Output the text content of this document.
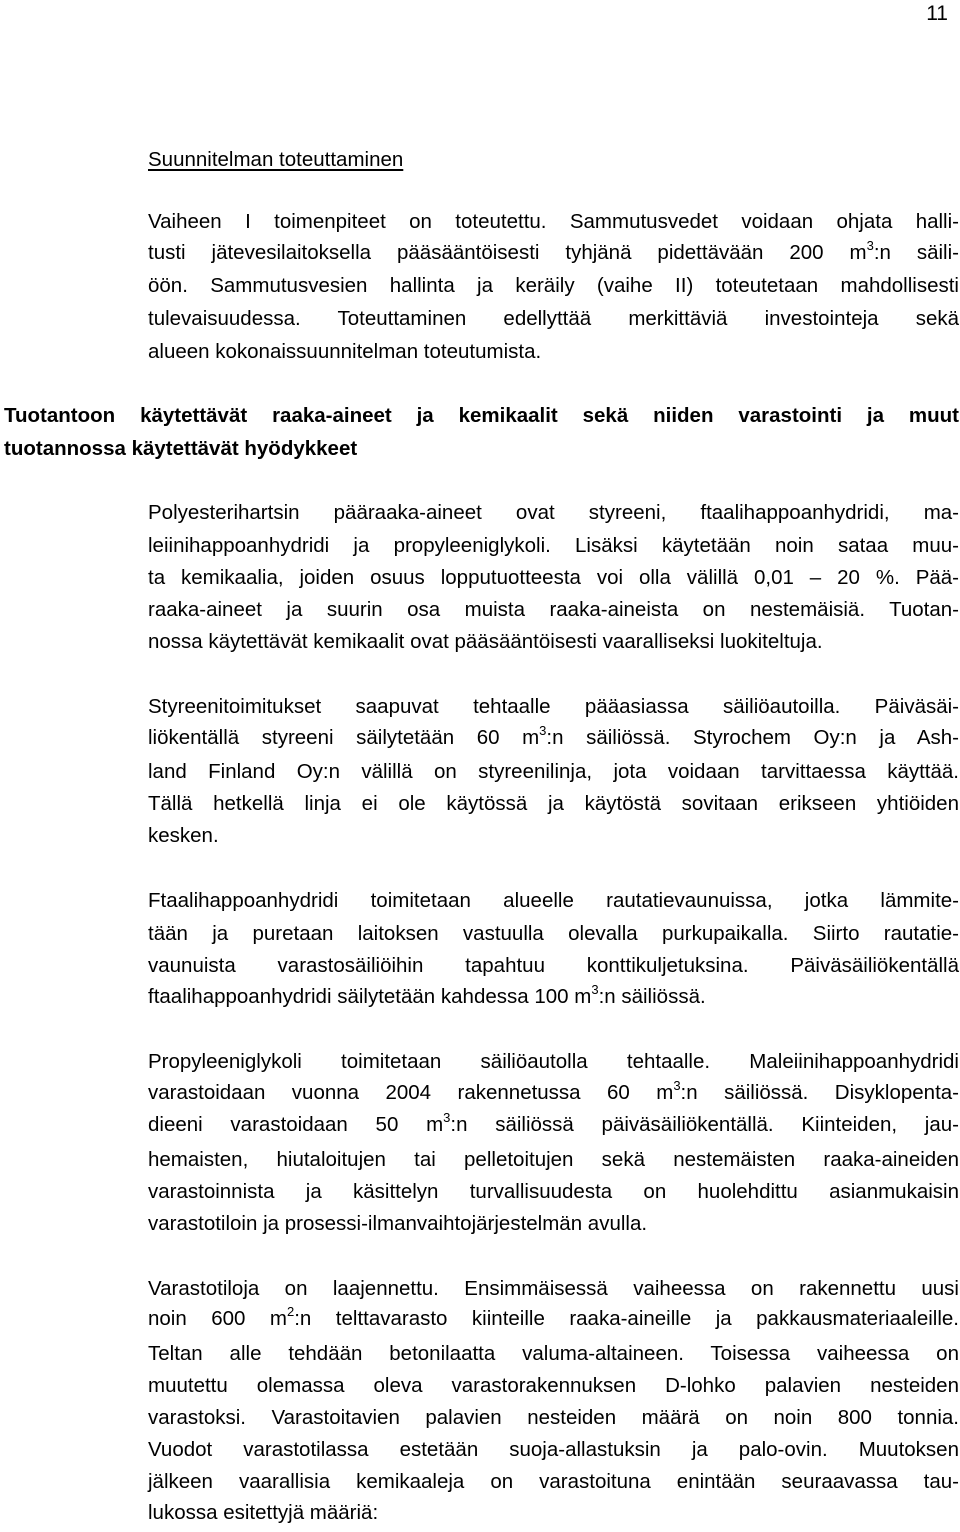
11
Suunnitelman toteuttaminen
Vaiheen I toimenpiteet on toteutettu. Sammutusvedet voidaan ohjata halli-
tusti jätevesilaitoksella pääsääntöisesti tyhjänä pidettävään 200 $m^3:n$ säili-
öön. Sammutusvesien hallinta ja keräily (vaihe II) toteutetaan mahdollisesti
tulevaisuudessa. Toteuttaminen edellyttää merkittäviä investointeja sekä
alueen kokonaissuunnitelman toteutumista.
Tuotantoon käytettävät raaka-aineet ja kemikaalit sekä niiden varastointi ja muut
tuotannossa käytettävät hyödykkeet
Polyesterihartsin pääraaka-aineet ovat styreeni, ftaalihappoanhydridi, ma-
leiinihappoanhydridi ja propyleeniglykoli. Lisäksi käytetään noin sataa muu-
ta kemikaalia, joiden osuus lopputuotteesta voi olla välillä 0,01 – 20 %. Pää-
raaka-aineet ja suurin osa muista raaka-aineista on nestemäisiä. Tuotan-
nossa käytettävät kemikaalit ovat pääsääntöisesti vaaralliseksi luokiteltuja.
Styreenitoimitukset saapuvat tehtaalle pääasiassa säiliöautoilla. Päiväsäi-
liökentällä styreeni säilytetään 60 $m^3:n$ säiliössä. Styrochem Oy:n ja Ash-
land Finland Oy:n välillä on styreenilinja, jota voidaan tarvittaessa käyttää.
Tällä hetkellä linja ei ole käytössä ja käytöstä sovitaan erikseen yhtiöiden
kesken.
Ftaalihappoanhydridi toimitetaan alueelle rautatievaunuissa, jotka lämmite-
tään ja puretaan laitoksen vastuulla olevalla purkupaikalla. Siirto rautatie-
vaunuista varastosäiliöihin tapahtuu konttikuljetuksina. Päiväsäiliökentällä
ftaalihappoanhydridi säilytetään kahdessa 100 $m^3:n$ säiliössä.
Propyleeniglykoli toimitetaan säiliöautolla tehtaalle. Maleiinihappoanhydridi
varastoidaan vuonna 2004 rakennetussa 60 $m^3:n$ säiliössä. Disyklopenta-
dieeni varastoidaan 50 $m^3:n$ säiliössä päiväsäiliökentällä. Kiinteiden, jau-
hemaisten, hiutaloitujen tai pelletoitujen sekä nestemäisten raaka-aineiden
varastoinnista ja käsittelyn turvallisuudesta on huolehdittu asianmukaisin
varastotiloin ja prosessi-ilmanvaihtojärjestelmän avulla.
Varastotiloja on laajennettu. Ensimmäisessä vaiheessa on rakennettu uusi
noin 600 $m^2:n$ telttavarasto kiinteille raaka-aineille ja pakkausmateriaaleille.
Teltan alle tehdään betonilaatta valuma-altaineen. Toisessa vaiheessa on
muutettu olemassa oleva varastorakennuksen D-lohko palavien nesteiden
varastoksi. Varastoitavien palavien nesteiden määrä on noin 800 tonnia.
Vuodot varastotilassa estetään suoja-allastuksin ja palo-ovin. Muutoksen
jälkeen vaarallisia kemikaaleja on varastoituna enintään seuraavassa tau-
lukossa esitettyjä määriä:
